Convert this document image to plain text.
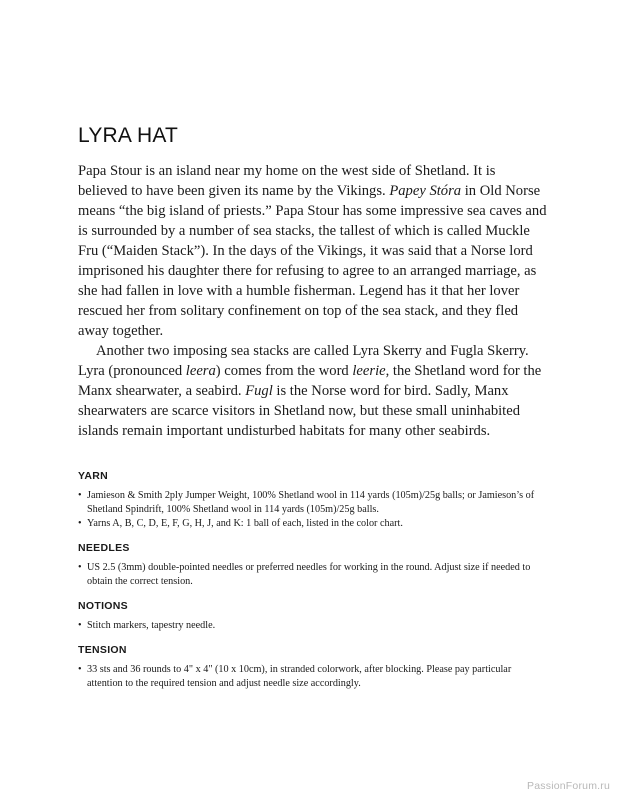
LYRA HAT

Papa Stour is an island near my home on the west side of Shetland. It is believed to have been given its name by the Vikings. Papey Stóra in Old Norse means “the big island of priests.” Papa Stour has some impressive sea caves and is surrounded by a number of sea stacks, the tallest of which is called Muckle Fru (“Maiden Stack”). In the days of the Vikings, it was said that a Norse lord imprisoned his daughter there for refusing to agree to an arranged marriage, as she had fallen in love with a humble fisherman. Legend has it that her lover rescued her from solitary confinement on top of the sea stack, and they fled away together.

Another two imposing sea stacks are called Lyra Skerry and Fugla Skerry. Lyra (pronounced leera) comes from the word leerie, the Shetland word for the Manx shearwater, a seabird. Fugl is the Norse word for bird. Sadly, Manx shearwaters are scarce visitors in Shetland now, but these small uninhabited islands remain important undisturbed habitats for many other seabirds.

YARN
• Jamieson & Smith 2ply Jumper Weight, 100% Shetland wool in 114 yards (105m)/25g balls; or Jamieson’s of Shetland Spindrift, 100% Shetland wool in 114 yards (105m)/25g balls.
• Yarns A, B, C, D, E, F, G, H, J, and K: 1 ball of each, listed in the color chart.
NEEDLES
• US 2.5 (3mm) double-pointed needles or preferred needles for working in the round. Adjust size if needed to obtain the correct tension.
NOTIONS
• Stitch markers, tapestry needle.
TENSION
• 33 sts and 36 rounds to 4" x 4" (10 x 10cm), in stranded colorwork, after blocking. Please pay particular attention to the required tension and adjust needle size accordingly.
PassionForum.ru
